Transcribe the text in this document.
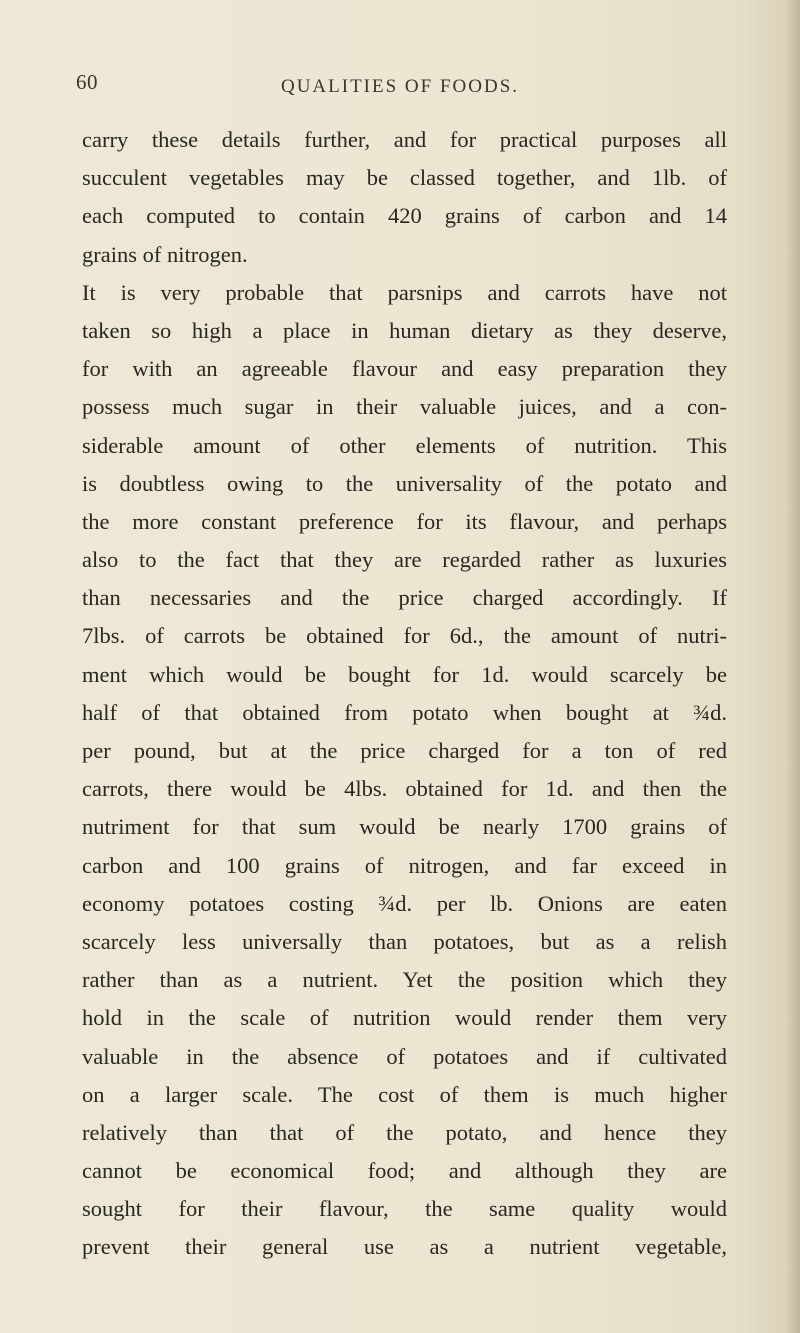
60	QUALITIES OF FOODS.
carry these details further, and for practical purposes all
succulent vegetables may be classed together, and 1lb. of
each computed to contain 420 grains of carbon and 14
grains of nitrogen.
It is very probable that parsnips and carrots have not
taken so high a place in human dietary as they deserve,
for with an agreeable flavour and easy preparation they
possess much sugar in their valuable juices, and a con-
siderable amount of other elements of nutrition. This
is doubtless owing to the universality of the potato and
the more constant preference for its flavour, and perhaps
also to the fact that they are regarded rather as luxuries
than necessaries and the price charged accordingly. If
7lbs. of carrots be obtained for 6d., the amount of nutri-
ment which would be bought for 1d. would scarcely be
half of that obtained from potato when bought at ¾d.
per pound, but at the price charged for a ton of red
carrots, there would be 4lbs. obtained for 1d. and then the
nutriment for that sum would be nearly 1700 grains of
carbon and 100 grains of nitrogen, and far exceed in
economy potatoes costing ¾d. per lb. Onions are eaten
scarcely less universally than potatoes, but as a relish
rather than as a nutrient. Yet the position which they
hold in the scale of nutrition would render them very
valuable in the absence of potatoes and if cultivated
on a larger scale. The cost of them is much higher
relatively than that of the potato, and hence they
cannot be economical food; and although they are
sought for their flavour, the same quality would
prevent their general use as a nutrient vegetable,
